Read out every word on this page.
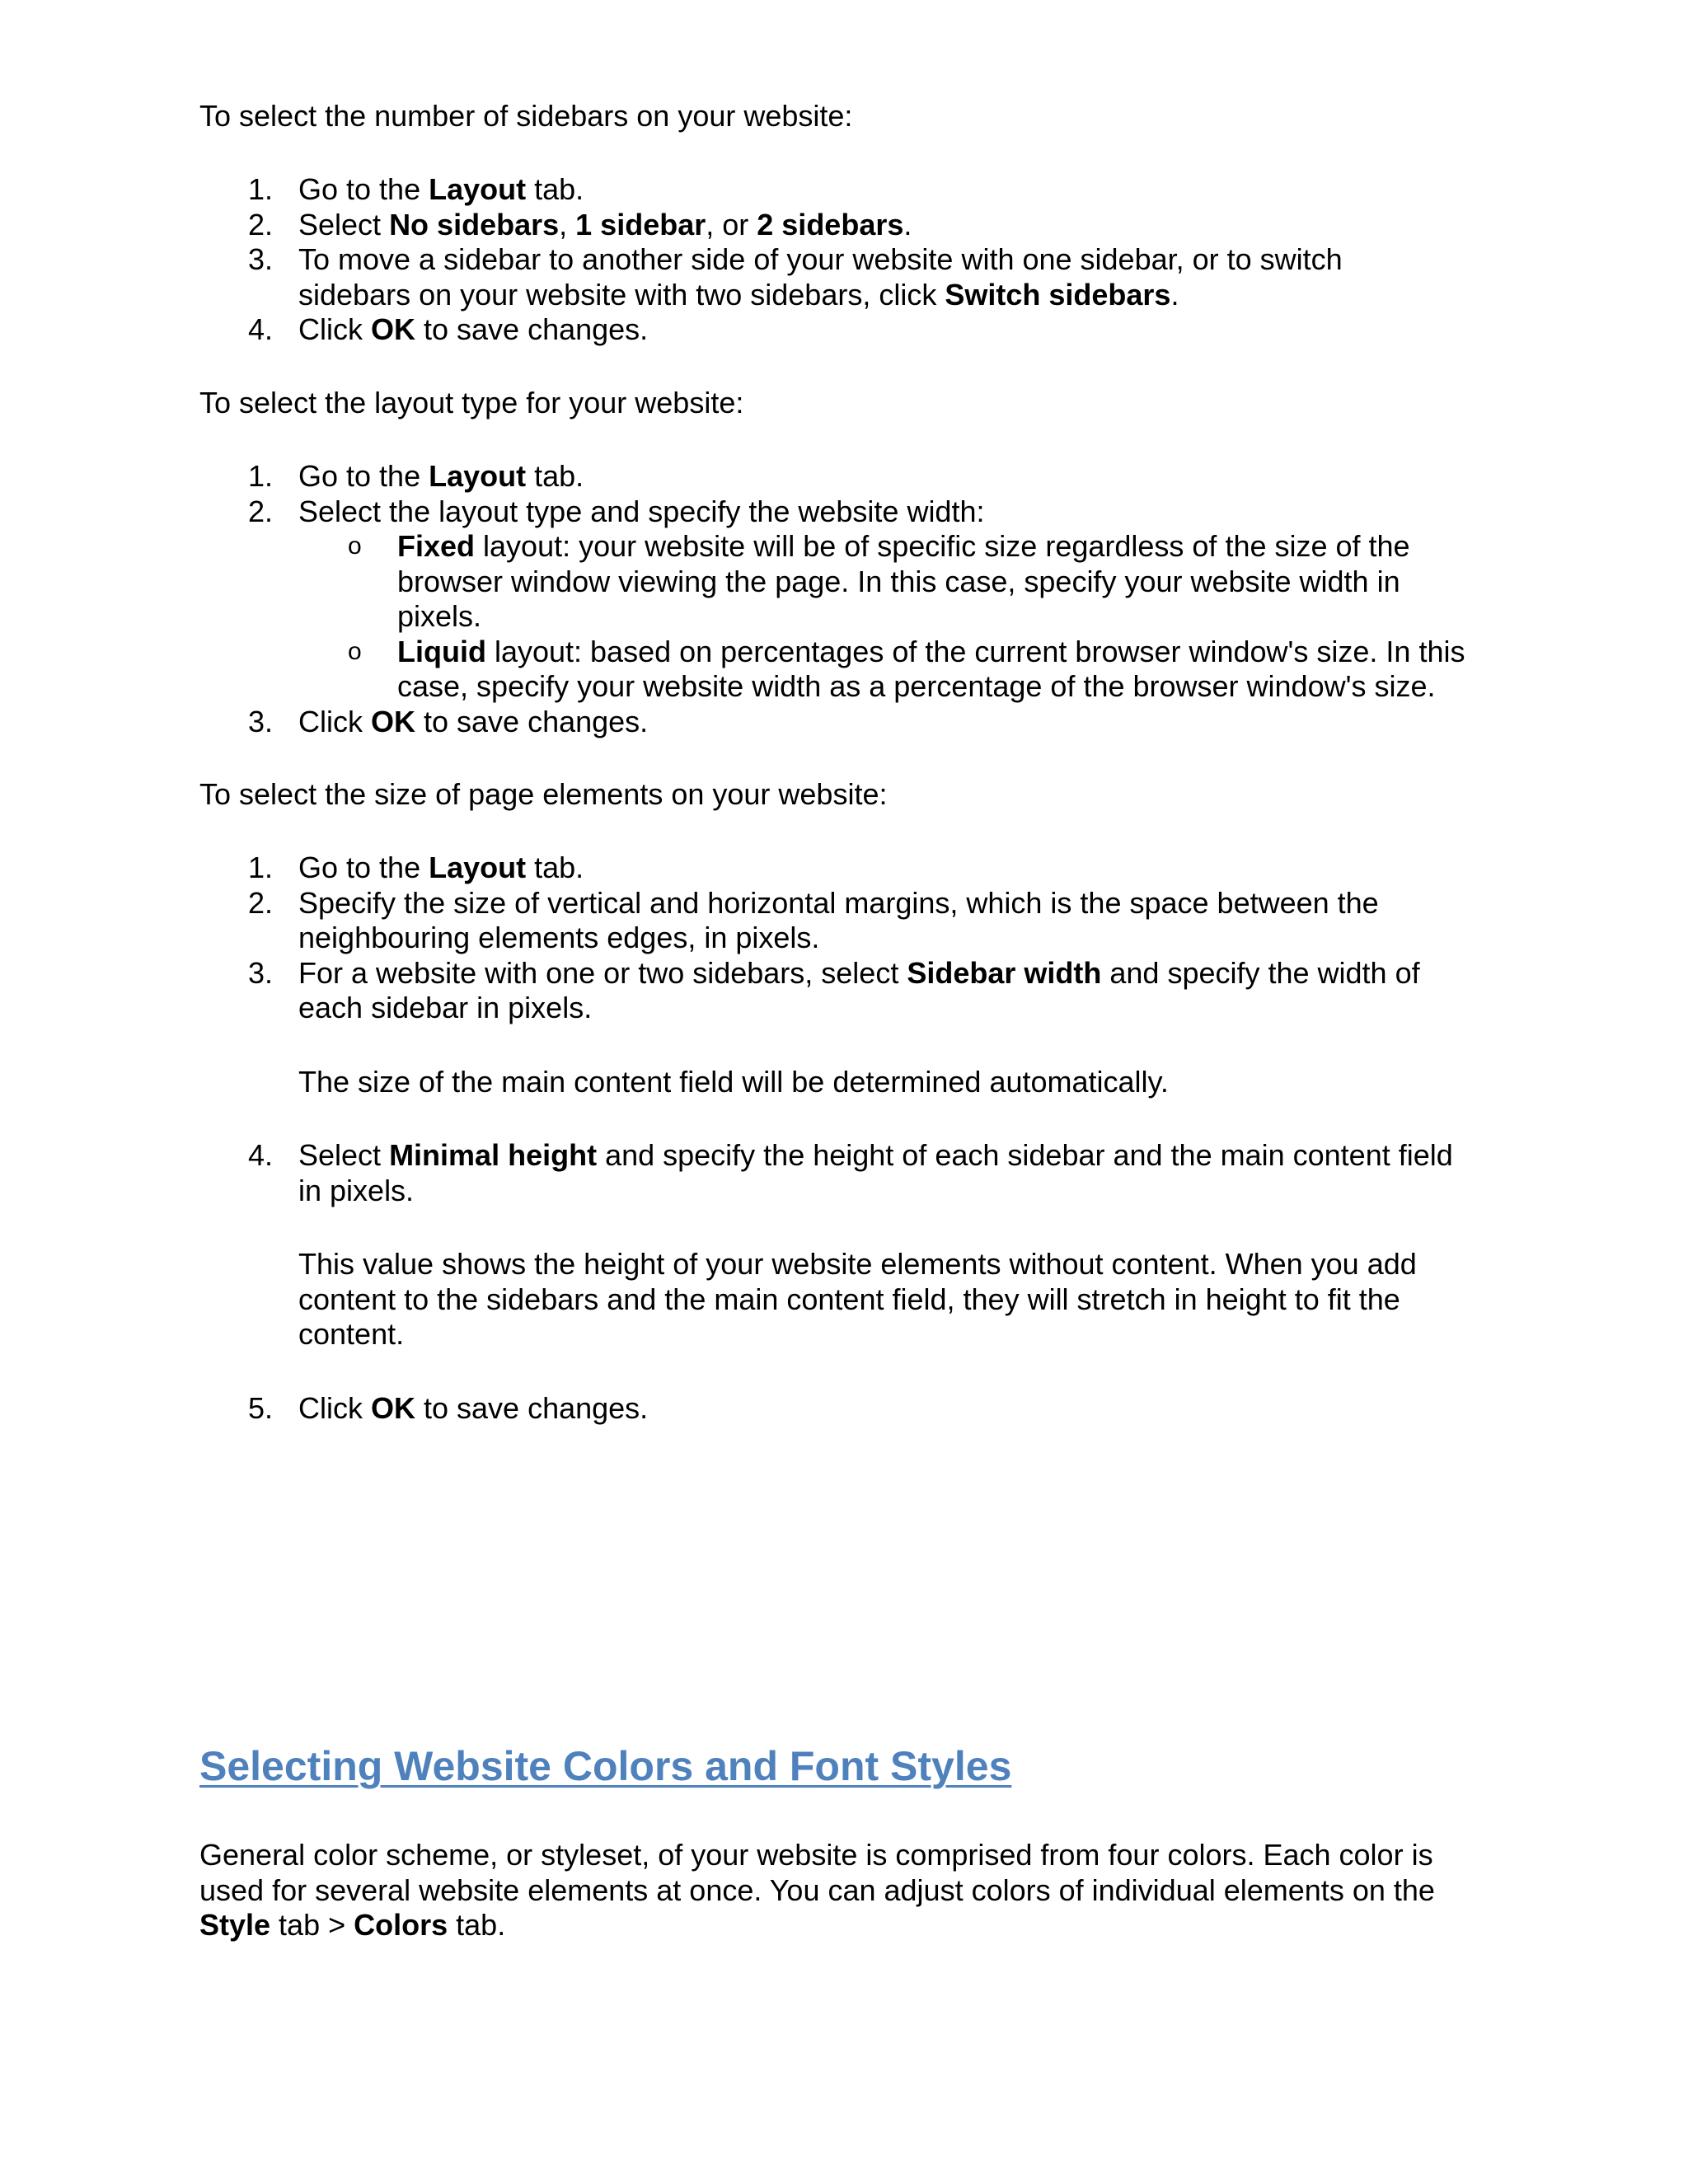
To select the number of sidebars on your website:

1. Go to the Layout tab.
2. Select No sidebars, 1 sidebar, or 2 sidebars.
3. To move a sidebar to another side of your website with one sidebar, or to switch
sidebars on your website with two sidebars, click Switch sidebars.
4. Click OK to save changes.

To select the layout type for your website:

1. Go to the Layout tab.
2. Select the layout type and specify the website width:
o Fixed layout: your website will be of specific size regardless of the size of the
browser window viewing the page. In this case, specify your website width in
pixels.
o Liquid layout: based on percentages of the current browser window's size. In this
case, specify your website width as a percentage of the browser window's size.
3. Click OK to save changes.

To select the size of page elements on your website:

1. Go to the Layout tab.
2. Specify the size of vertical and horizontal margins, which is the space between the
neighbouring elements edges, in pixels.
3. For a website with one or two sidebars, select Sidebar width and specify the width of
each sidebar in pixels.
The size of the main content field will be determined automatically.
4. Select Minimal height and specify the height of each sidebar and the main content field
in pixels.
This value shows the height of your website elements without content. When you add
content to the sidebars and the main content field, they will stretch in height to fit the
content.
5. Click OK to save changes.
Selecting Website Colors and Font Styles

General color scheme, or styleset, of your website is comprised from four colors. Each color is
used for several website elements at once. You can adjust colors of individual elements on the
Style tab > Colors tab.
